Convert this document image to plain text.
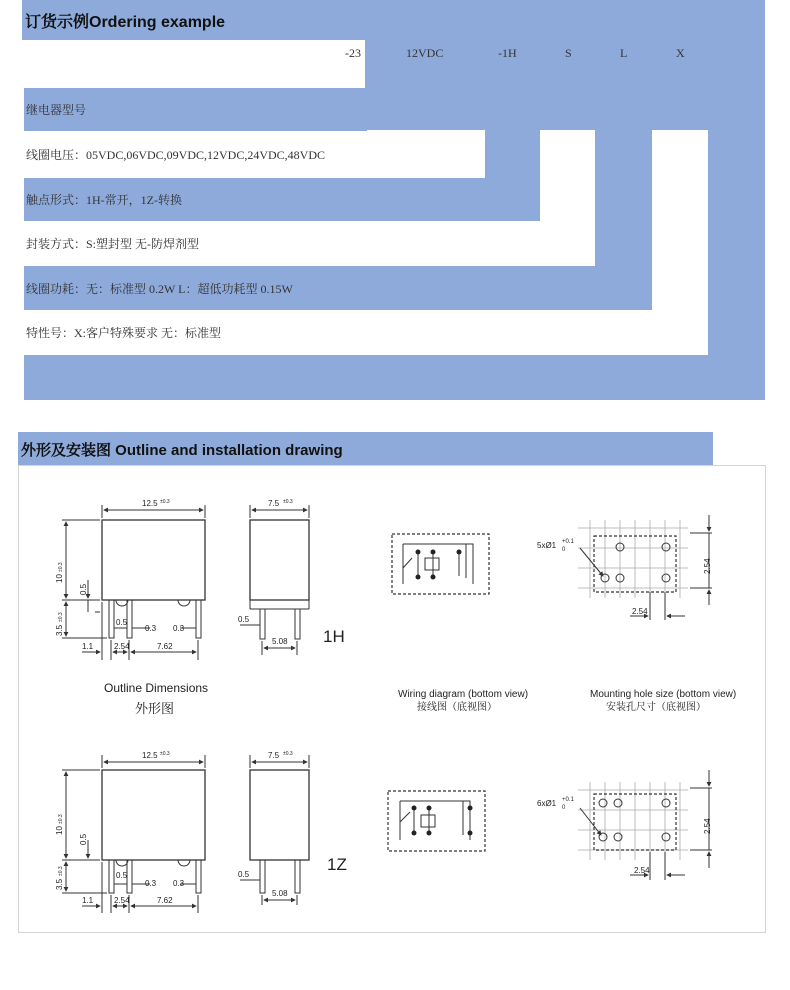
订货示例Ordering example
继电器型号
触点形式：1H-常开，1Z-转换
线圈功耗：无：标准型 0.2W L：超低功耗型 0.15W
线圈电压：05VDC,06VDC,09VDC,12VDC,24VDC,48VDC
封装方式：S:塑封型 无-防焊剂型
特性号：X:客户特殊要求 无：标准型
-23	12VDC	-1H	S	L	X
外形及安装图 Outline and installation drawing
12.5 ±0.3
10
±0.3
0.5
3.5
±0.3
0.5
0.3 0.3
1.1	2.54	7.62
7.5 ±0.3
0.5
5.08 1H
5xØ1 +0.1
0
2.54
2.54
Outline Dimensions
外形图
Wiring diagram (bottom view)
接线图（底视图）
Mounting hole size (bottom view)
安装孔尺寸（底视图）
12.5 ±0.3
10
±0.3
0.5
3.5
±0.3	0.5
0.3 0.3
1.1	2.54	7.62
7.5 ±0.3
0.5
5.08
1Z
6xØ1 +0.1
0
2.54
2.54
